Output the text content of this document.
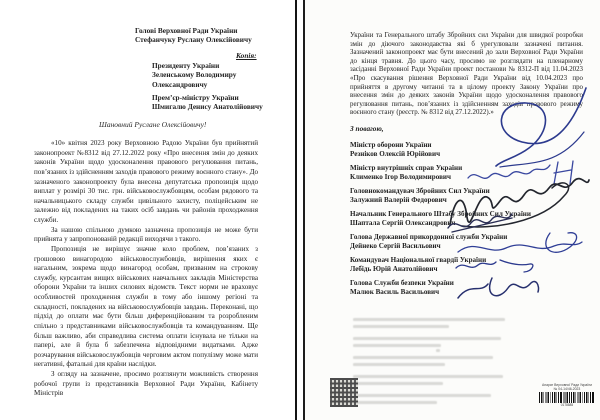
Голові Верховної Ради України
Стефанчуку Руслану Олексійовичу
Копія:
Президенту України
Зеленському Володимиру
Олександровичу
Прем’єр-міністру України
Шмигалю Денису Анатолійовичу
Шановний Руслане Олексійовичу!

«10» квітня 2023 року Верховною Радою України був прийнятий законопроект №8312 від 27.12.2022 року «Про внесення змін до деяких законів України щодо удосконалення правового регулювання питань, пов’язаних із здійсненням заходів правового режиму воєнного стану». До зазначеного законопроекту була внесена депутатська пропозиція щодо виплат у розмірі 30 тис. грн. військовослужбовцям, особам рядового та начальницького складу служби цивільного захисту, поліцейським не залежно від покладених на таких осіб завдань чи районів проходження служби.

За нашою спільною думкою зазначена пропозиція не може бути прийнята у запропонованій редакції виходячи з такого.

Пропозиція не вирішує значне коло проблем, пов’язаних з грошовою винагородою військовослужбовців, вирішення яких є нагальним, зокрема щодо винагород особам, призваним на строкову службу, курсантам вищих військових навчальних закладів Міністерства оборони України та інших силових відомств. Текст норми не враховує особливостей проходження служби в тому або іншому регіоні та складності, покладених на військовослужбовців завдань. Переконані, що підхід до оплати має бути більш диференційованим та розробленим спільно з представниками військовослужбовців та командуванням. Ще більш важливо, аби справедлива система оплати існувала не тільки на папері, але й була б забезпечена відповідними видатками. Адже розчарування військовослужбовців черговим актом популізму може мати негативні, фатальні для країни наслідки.

З огляду на зазначене, просимо розглянути можливість створення робочої групи із представників Верховної Ради України, Кабінету Міністрів

України та Генерального штабу Збройних сил України для швидкої розробки змін до діючого законодавства які б урегулювали зазначені питання. Зазначений законопроект має бути внесений до зали Верховної Ради України до кінця травня. До цього часу, просимо не розглядати на пленарному засіданні Верховної Ради України проект постанови № 8312-П від 11.04.2023 «Про скасування рішення Верховної Ради України від 10.04.2023 про прийняття в другому читанні та в цілому проекту Закону України про внесення змін до деяких законів України щодо удосконалення правового регулювання питань, пов’язаних із здійсненням заходів правового режиму воєнного стану (реєстр. № 8312 від 27.12.2022).»

З повагою,
Міністр оборони України
Резніков Олексій Юрійович
Міністр внутрішніх справ України
Клименко Ігор Володимирович
Головнокомандувач Збройних Сил України
Залужний Валерій Федорович
Начальник Генерального Штабу Збройних Сил України
Шаптала Сергій Олександрович
Голова Державної прикордонної служби України
Дейнеко Сергій Васильович
Командувач Національної гвардії України
Лебідь Юрій Анатолійович
Голова Служби безпеки України
Малюк Василь Васильович
Апарат Верховної Ради України
№ 04-14/46-2023
0178885
